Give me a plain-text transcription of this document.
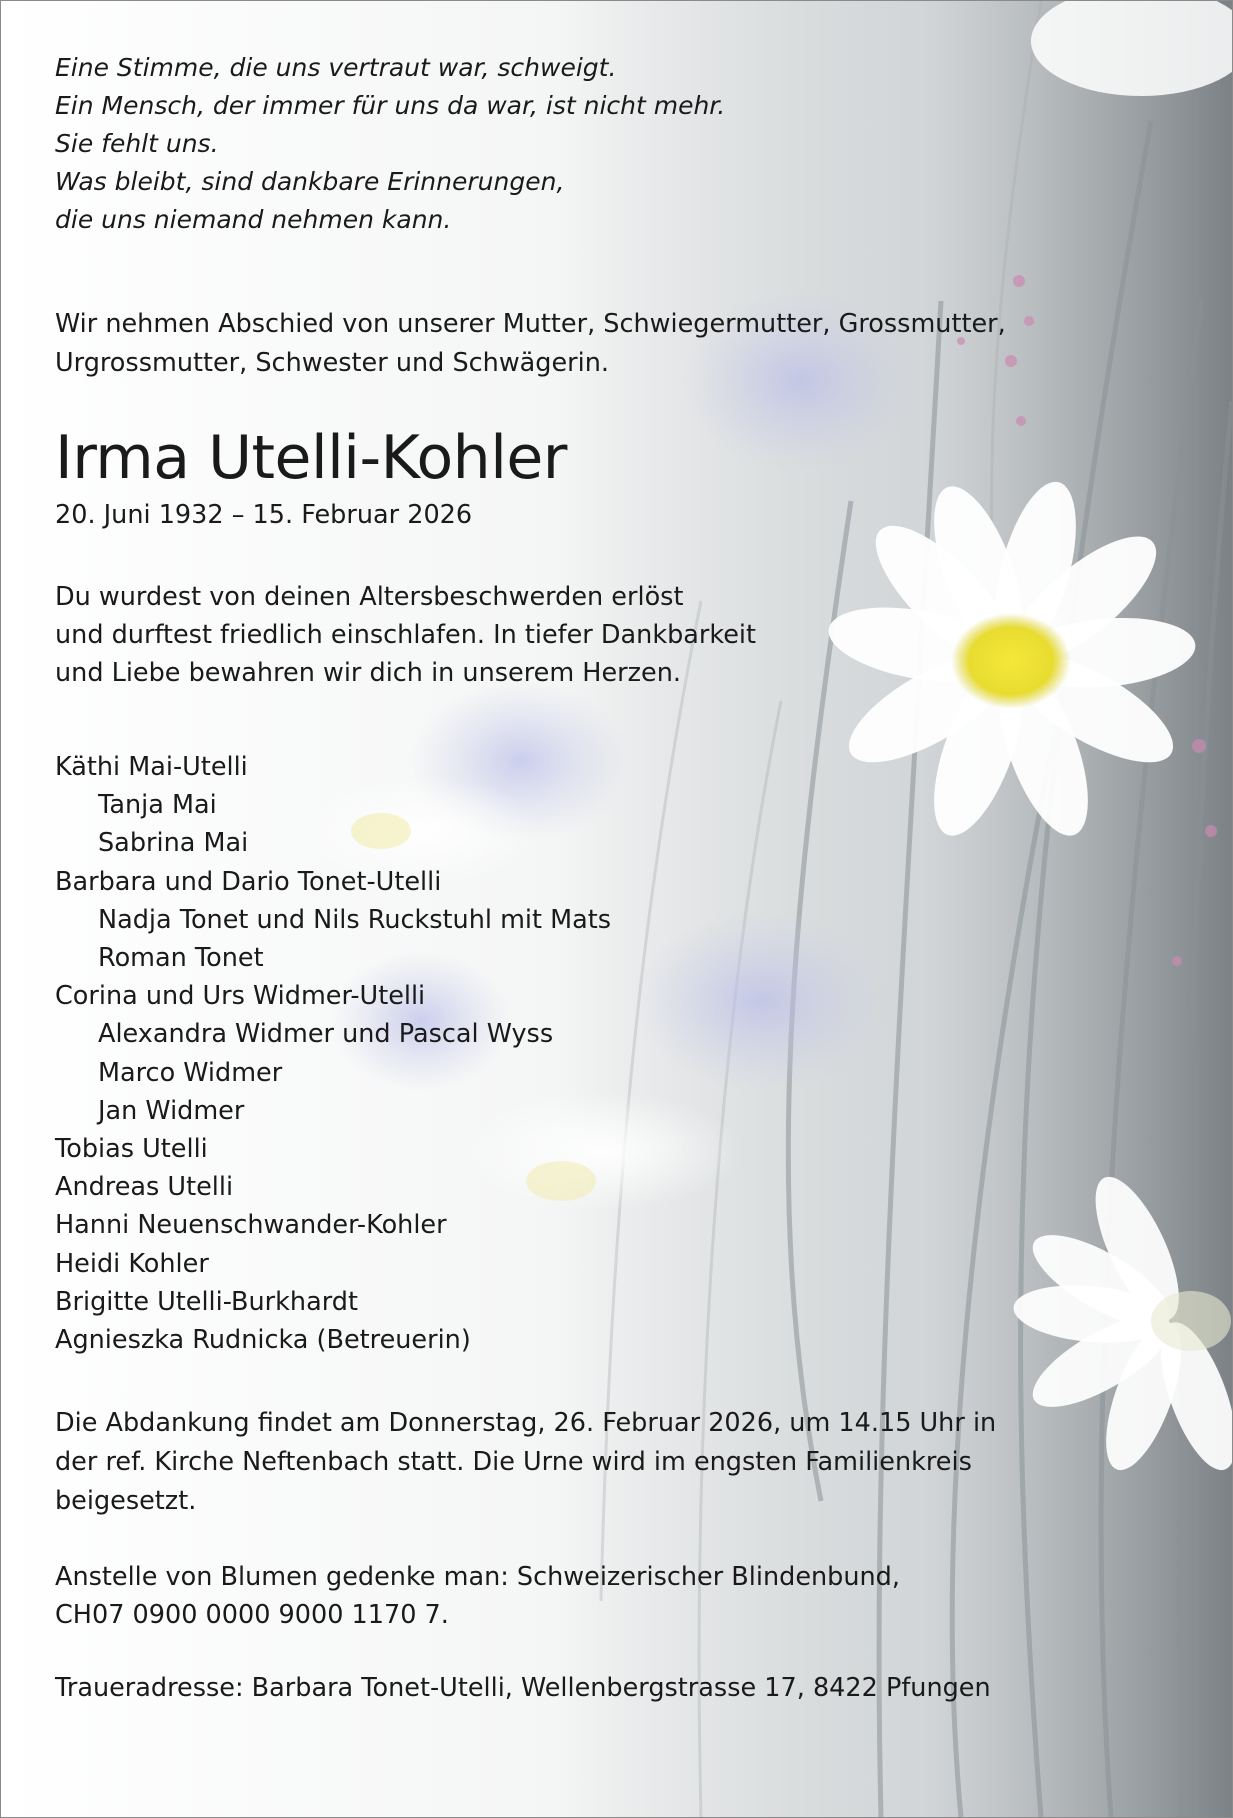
Eine Stimme, die uns vertraut war, schweigt.
Ein Mensch, der immer für uns da war, ist nicht mehr.
Sie fehlt uns.
Was bleibt, sind dankbare Erinnerungen,
die uns niemand nehmen kann.
Wir nehmen Abschied von unserer Mutter, Schwiegermutter, Grossmutter,
Urgrossmutter, Schwester und Schwägerin.
Irma Utelli-Kohler
20. Juni 1932 – 15. Februar 2026
Du wurdest von deinen Altersbeschwerden erlöst
und durftest friedlich einschlafen. In tiefer Dankbarkeit
und Liebe bewahren wir dich in unserem Herzen.
Käthi Mai-Utelli
Tanja Mai
Sabrina Mai
Barbara und Dario Tonet-Utelli
Nadja Tonet und Nils Ruckstuhl mit Mats
Roman Tonet
Corina und Urs Widmer-Utelli
Alexandra Widmer und Pascal Wyss
Marco Widmer
Jan Widmer
Tobias Utelli
Andreas Utelli
Hanni Neuenschwander-Kohler
Heidi Kohler
Brigitte Utelli-Burkhardt
Agnieszka Rudnicka (Betreuerin)
Die Abdankung findet am Donnerstag, 26. Februar 2026, um 14.15 Uhr in
der ref. Kirche Neftenbach statt. Die Urne wird im engsten Familienkreis
beigesetzt.
Anstelle von Blumen gedenke man: Schweizerischer Blindenbund,
CH07 0900 0000 9000 1170 7.
Traueradresse: Barbara Tonet-Utelli, Wellenbergstrasse 17, 8422 Pfungen
